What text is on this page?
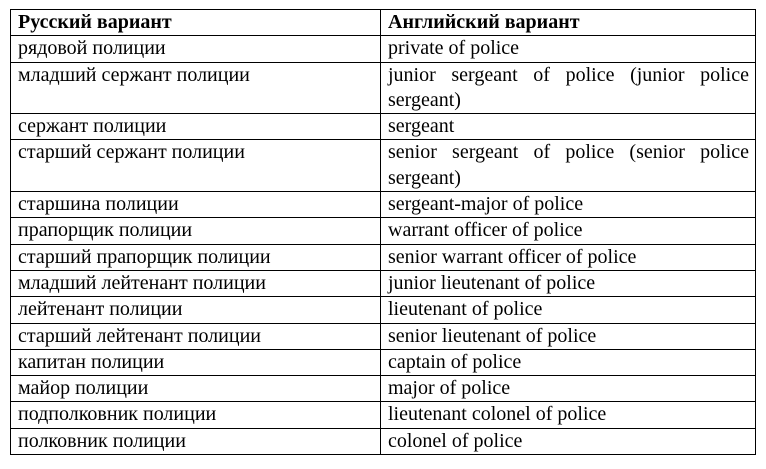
Русский вариант	Английский вариант
рядовой полиции	private of police
младший сержант полиции	junior sergeant of police (junior police sergeant)
сержант полиции	sergeant
старший сержант полиции	senior sergeant of police (senior police sergeant)
старшина полиции	sergeant-major of police
прапорщик полиции	warrant officer of police
старший прапорщик полиции	senior warrant officer of police
младший лейтенант полиции	junior lieutenant of police
лейтенант полиции	lieutenant of police
старший лейтенант полиции	senior lieutenant of police
капитан полиции	captain of police
майор полиции	major of police
подполковник полиции	lieutenant colonel of police
полковник полиции	colonel of police
